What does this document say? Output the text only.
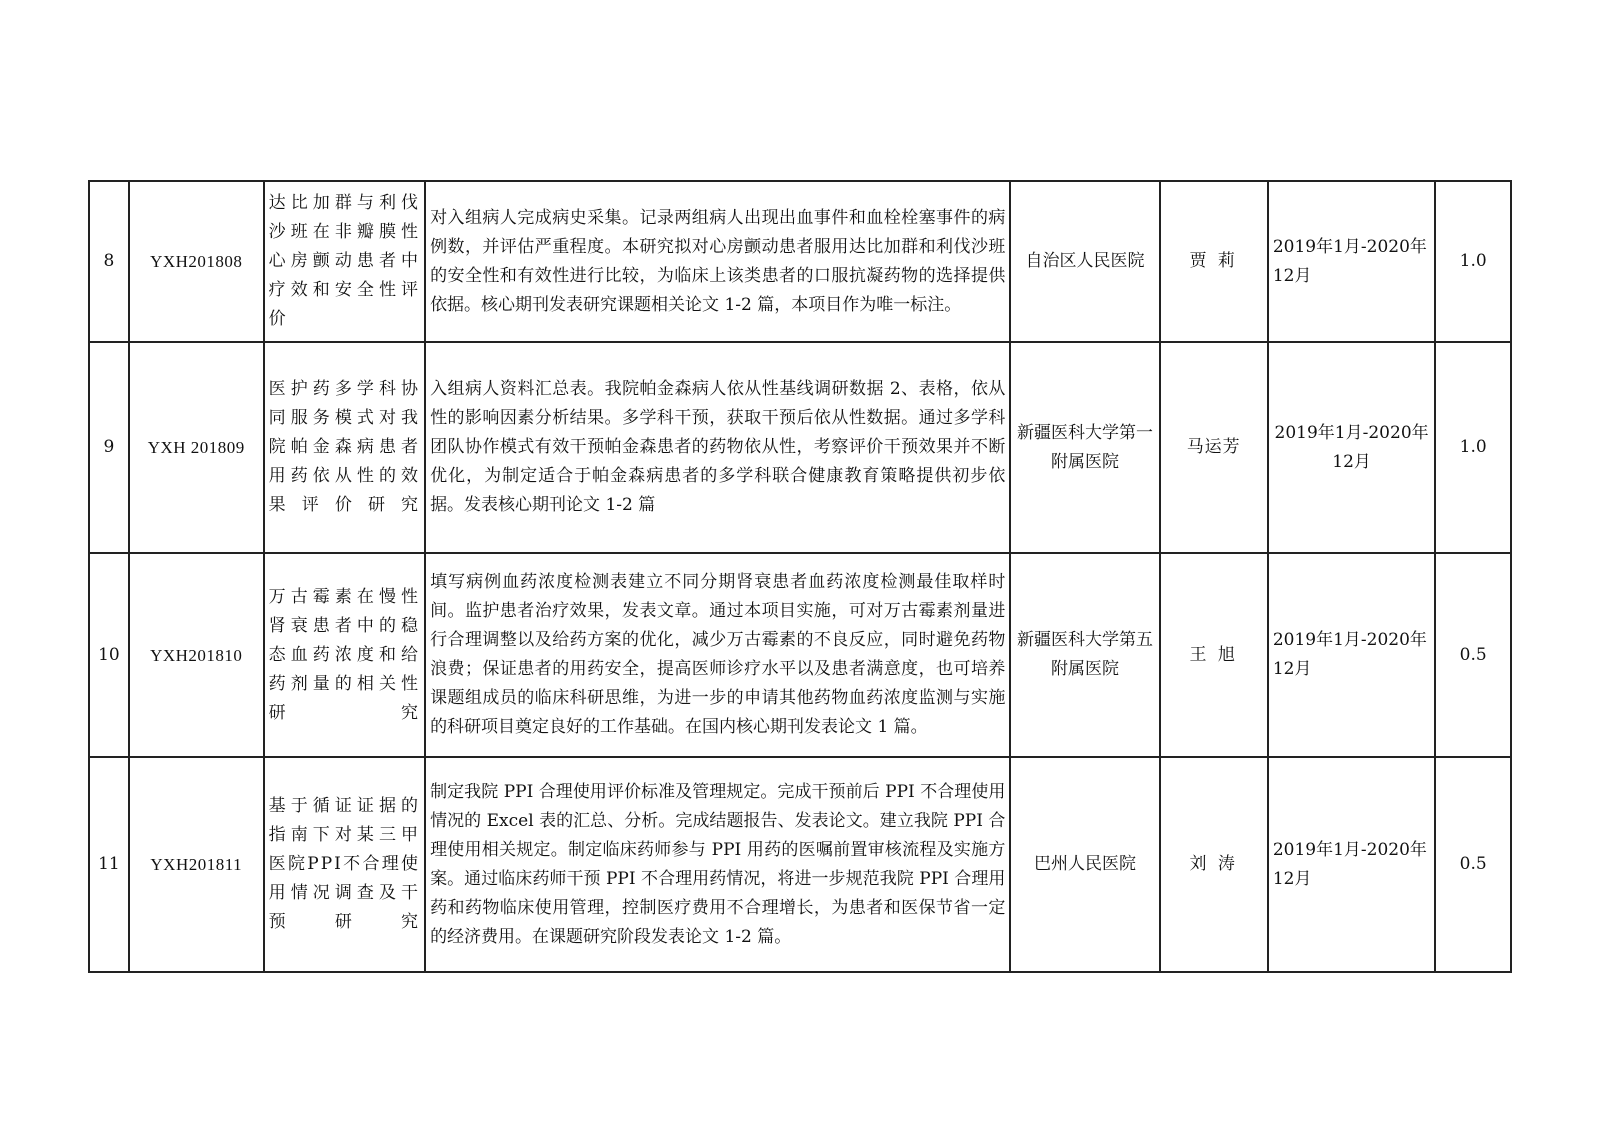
8	YXH201808	达比加群与利伐沙班在非瓣膜性心房颤动患者中疗效和安全性评价	对入组病人完成病史采集。记录两组病人出现出血事件和血栓栓塞事件的病例数，并评估严重程度。本研究拟对心房颤动患者服用达比加群和利伐沙班的安全性和有效性进行比较，为临床上该类患者的口服抗凝药物的选择提供依据。核心期刊发表研究课题相关论文 1-2 篇，本项目作为唯一标注。	自治区人民医院	贾 莉	2019年1月-2020年12月	1.0
9	YXH 201809	医护药多学科协同服务模式对我院帕金森病患者用药依从性的效果评价研究	入组病人资料汇总表。我院帕金森病人依从性基线调研数据 2、表格，依从性的影响因素分析结果。多学科干预，获取干预后依从性数据。通过多学科团队协作模式有效干预帕金森患者的药物依从性，考察评价干预效果并不断优化，为制定适合于帕金森病患者的多学科联合健康教育策略提供初步依据。发表核心期刊论文 1-2 篇	新疆医科大学第一附属医院	马运芳	2019年1月-2020年12月	1.0
10	YXH201810	万古霉素在慢性肾衰患者中的稳态血药浓度和给药剂量的相关性研究	填写病例血药浓度检测表建立不同分期肾衰患者血药浓度检测最佳取样时间。监护患者治疗效果，发表文章。通过本项目实施，可对万古霉素剂量进行合理调整以及给药方案的优化，减少万古霉素的不良反应，同时避免药物浪费；保证患者的用药安全，提高医师诊疗水平以及患者满意度，也可培养课题组成员的临床科研思维，为进一步的申请其他药物血药浓度监测与实施的科研项目奠定良好的工作基础。在国内核心期刊发表论文 1 篇。	新疆医科大学第五附属医院	王 旭	2019年1月-2020年12月	0.5
11	YXH201811	基于循证证据的指南下对某三甲医院PPI不合理使用情况调查及干预研究	制定我院 PPI 合理使用评价标准及管理规定。完成干预前后 PPI 不合理使用情况的 Excel 表的汇总、分析。完成结题报告、发表论文。建立我院 PPI 合理使用相关规定。制定临床药师参与 PPI 用药的医嘱前置审核流程及实施方案。通过临床药师干预 PPI 不合理用药情况，将进一步规范我院 PPI 合理用药和药物临床使用管理，控制医疗费用不合理增长，为患者和医保节省一定的经济费用。在课题研究阶段发表论文 1-2 篇。	巴州人民医院	刘 涛	2019年1月-2020年12月	0.5
